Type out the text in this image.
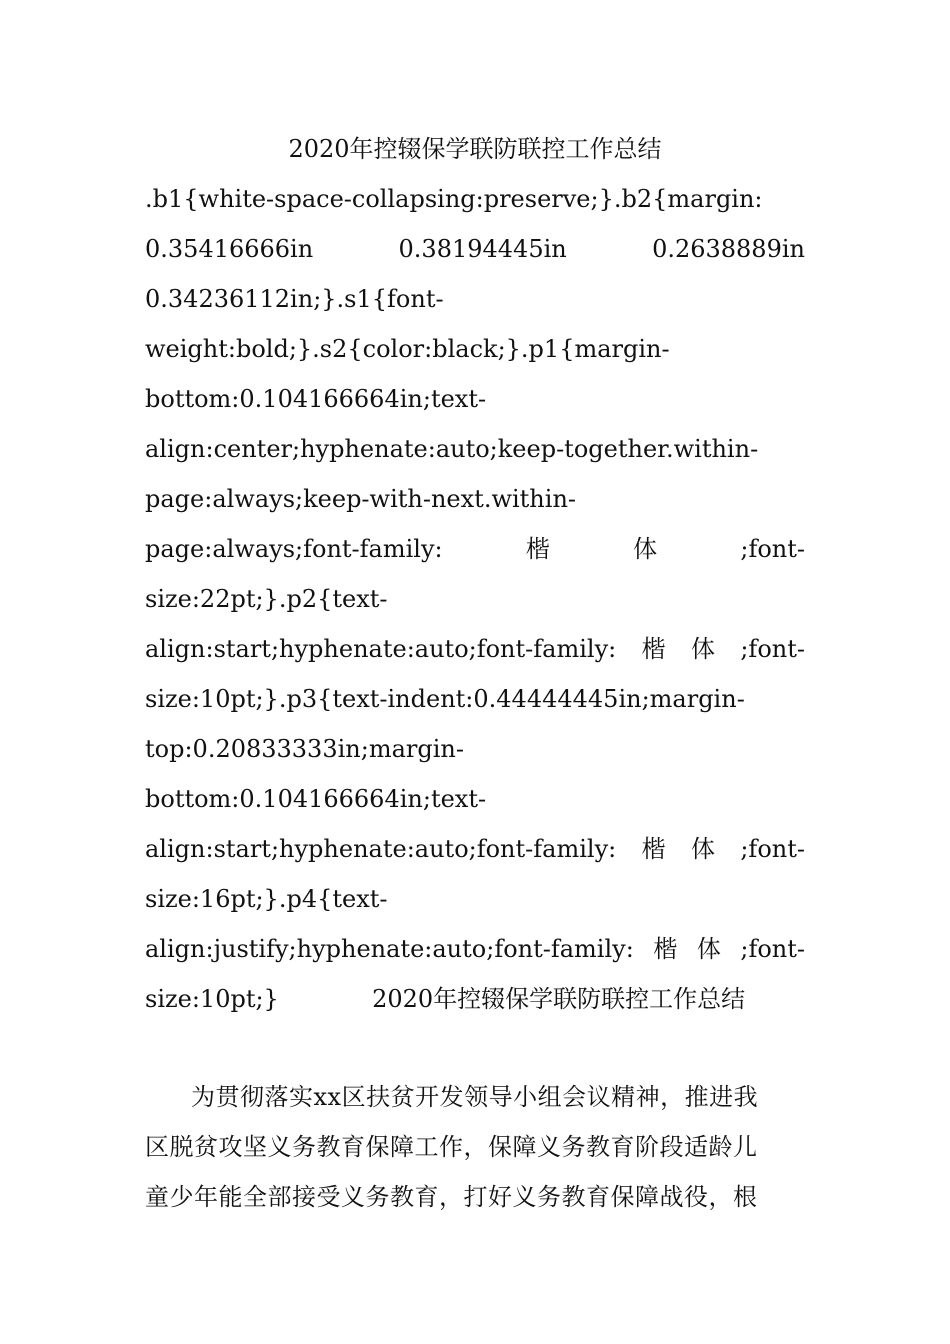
2020年控辍保学联防联控工作总结
.b1{white-space-collapsing:preserve;}.b2{margin:
0.35416666in	0.38194445in	0.2638889in
0.34236112in;}.s1{font-
weight:bold;}.s2{color:black;}.p1{margin-
bottom:0.104166664in;text-
align:center;hyphenate:auto;keep-together.within-
page:always;keep-with-next.within-
page:always;font-family:	楷	体	;font-
size:22pt;}.p2{text-
align:start;hyphenate:auto;font-family: 楷 体 ;font-
size:10pt;}.p3{text-indent:0.44444445in;margin-
top:0.20833333in;margin-
bottom:0.104166664in;text-
align:start;hyphenate:auto;font-family: 楷 体 ;font-
size:16pt;}.p4{text-
align:justify;hyphenate:auto;font-family: 楷 体 ;font-
size:10pt;}	2020年控辍保学联防联控工作总结
为贯彻落实xx区扶贫开发领导小组会议精神，推进我
区脱贫攻坚义务教育保障工作，保障义务教育阶段适龄儿
童少年能全部接受义务教育，打好义务教育保障战役，根
